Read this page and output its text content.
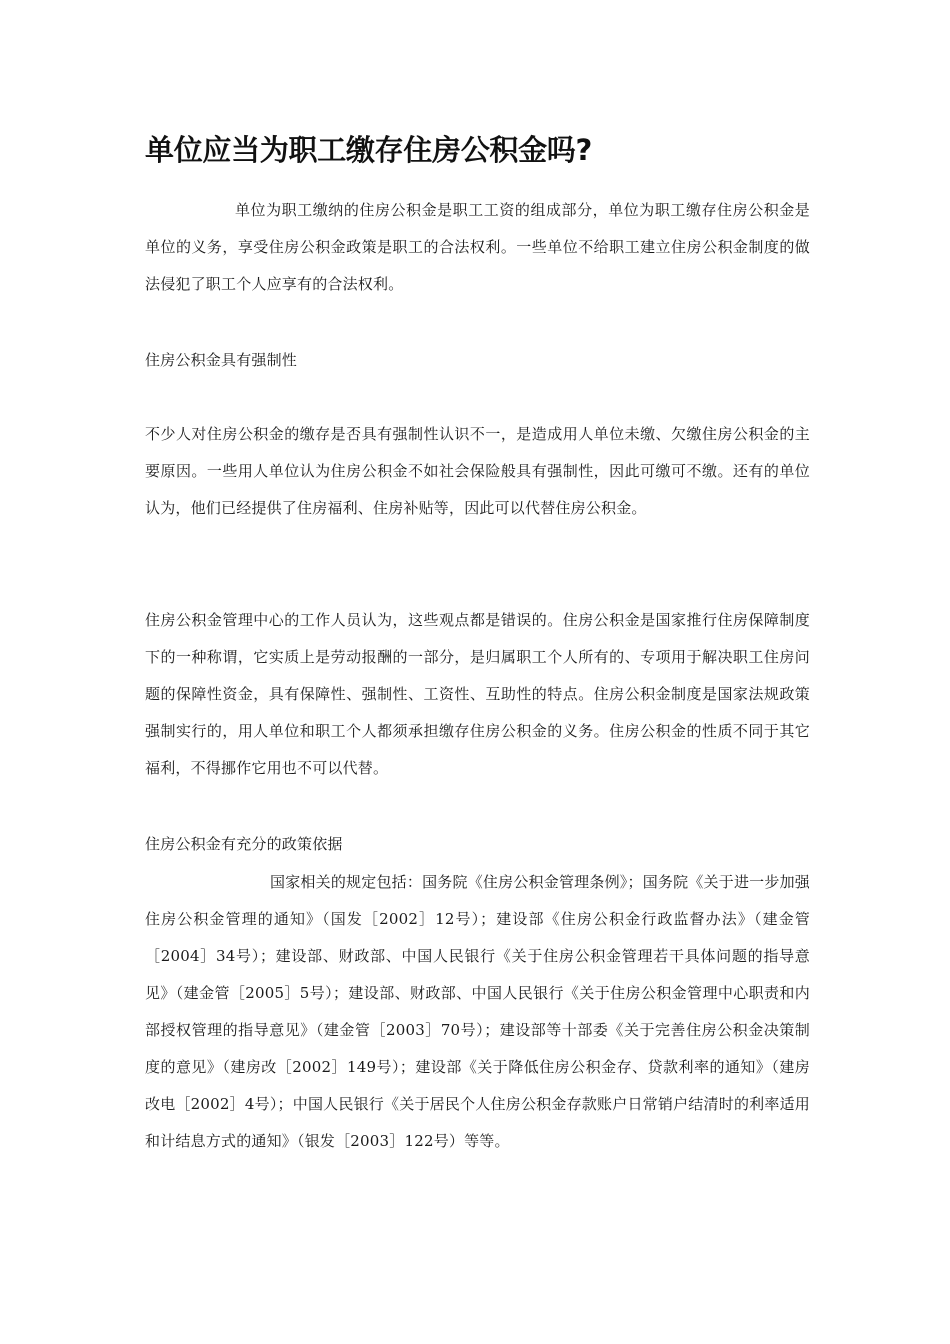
单位应当为职工缴存住房公积金吗?

单位为职工缴纳的住房公积金是职工工资的组成部分，单位为职工缴存住房公积金是单位的义务，享受住房公积金政策是职工的合法权利。一些单位不给职工建立住房公积金制度的做法侵犯了职工个人应享有的合法权利。

住房公积金具有强制性

不少人对住房公积金的缴存是否具有强制性认识不一，是造成用人单位未缴、欠缴住房公积金的主要原因。一些用人单位认为住房公积金不如社会保险般具有强制性，因此可缴可不缴。还有的单位认为，他们已经提供了住房福利、住房补贴等，因此可以代替住房公积金。

住房公积金管理中心的工作人员认为，这些观点都是错误的。住房公积金是国家推行住房保障制度下的一种称谓，它实质上是劳动报酬的一部分，是归属职工个人所有的、专项用于解决职工住房问题的保障性资金，具有保障性、强制性、工资性、互助性的特点。住房公积金制度是国家法规政策强制实行的，用人单位和职工个人都须承担缴存住房公积金的义务。住房公积金的性质不同于其它福利，不得挪作它用也不可以代替。

住房公积金有充分的政策依据

国家相关的规定包括：国务院《住房公积金管理条例》；国务院《关于进一步加强住房公积金管理的通知》（国发［2002］12号）；建设部《住房公积金行政监督办法》（建金管［2004］34号）；建设部、财政部、中国人民银行《关于住房公积金管理若干具体问题的指导意见》（建金管［2005］5号）；建设部、财政部、中国人民银行《关于住房公积金管理中心职责和内部授权管理的指导意见》（建金管［2003］70号）；建设部等十部委《关于完善住房公积金决策制度的意见》（建房改［2002］149号）；建设部《关于降低住房公积金存、贷款利率的通知》（建房改电［2002］4号）；中国人民银行《关于居民个人住房公积金存款账户日常销户结清时的利率适用和计结息方式的通知》（银发［2003］122号）等等。
